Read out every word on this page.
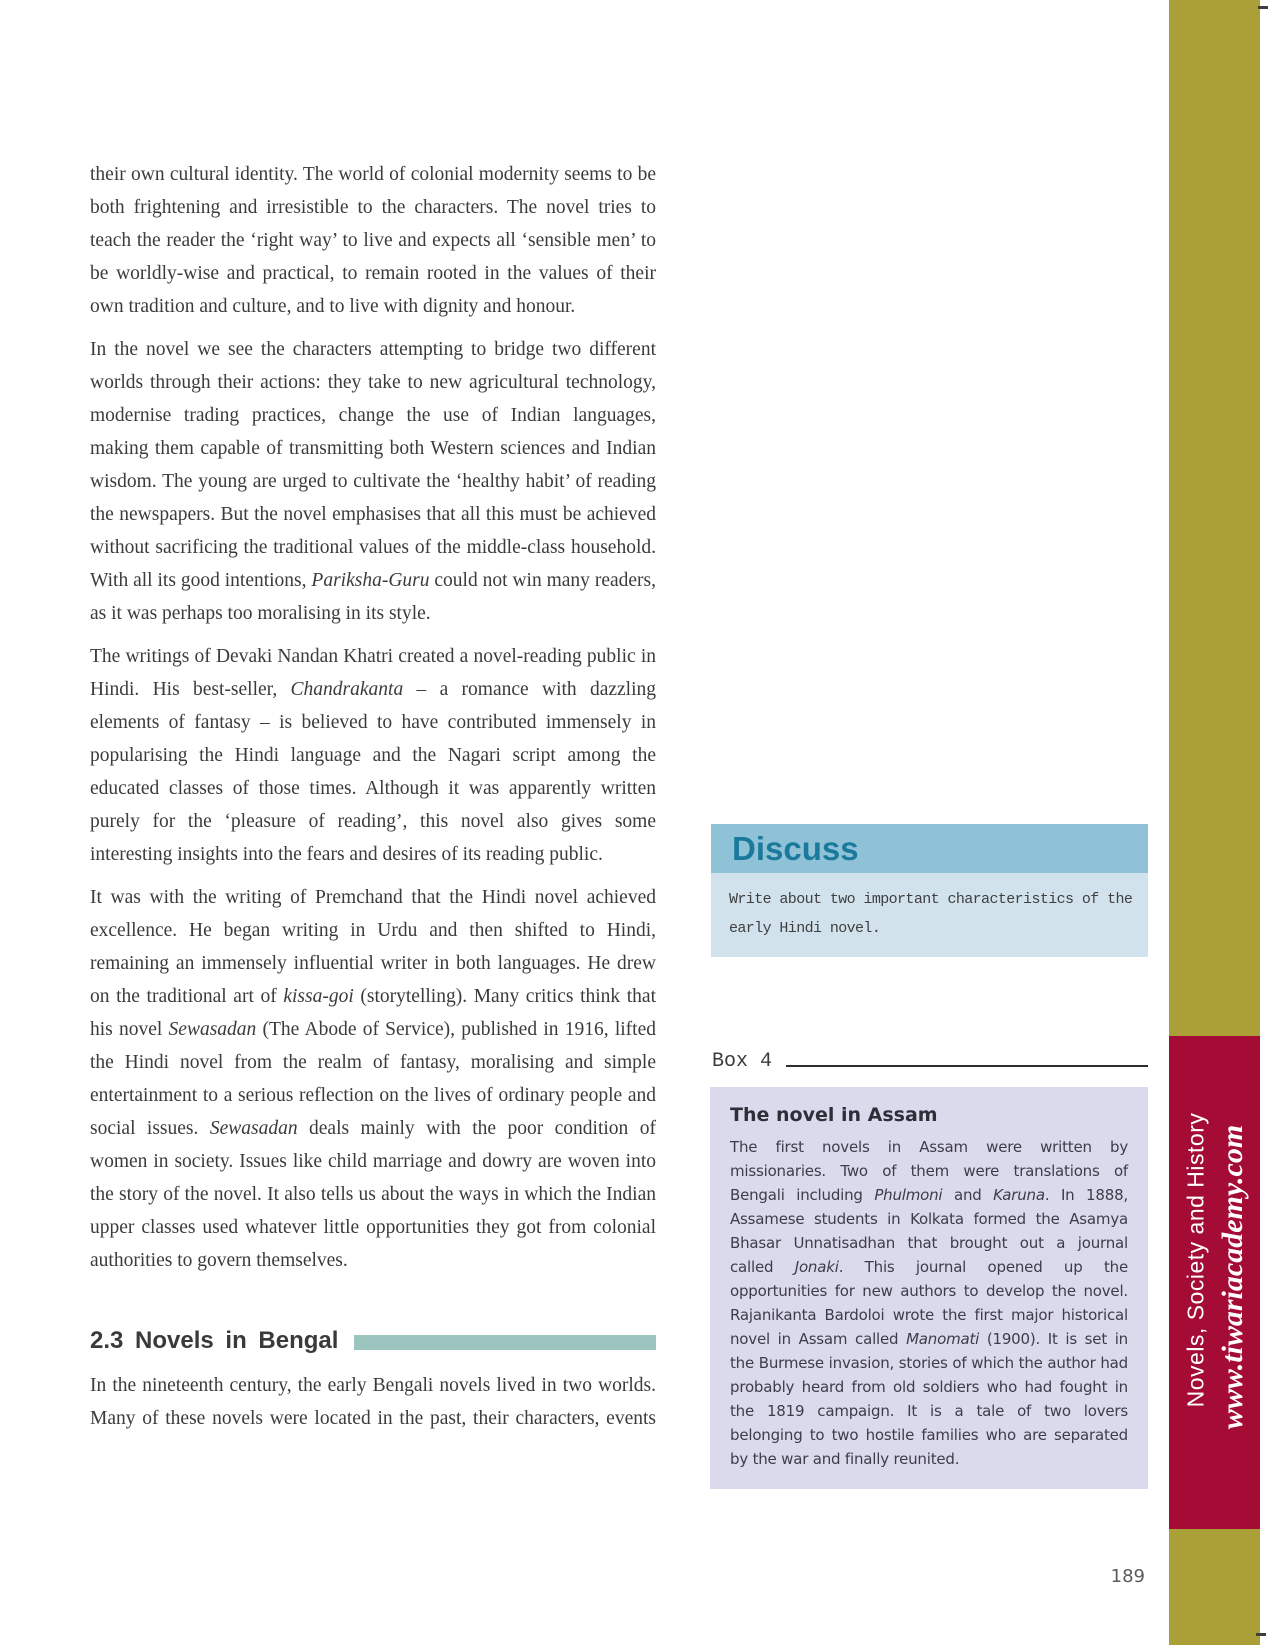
their own cultural identity. The world of colonial modernity seems to be both frightening and irresistible to the characters. The novel tries to teach the reader the ‘right way’ to live and expects all ‘sensible men’ to be worldly-wise and practical, to remain rooted in the values of their own tradition and culture, and to live with dignity and honour.

In the novel we see the characters attempting to bridge two different worlds through their actions: they take to new agricultural technology, modernise trading practices, change the use of Indian languages, making them capable of transmitting both Western sciences and Indian wisdom. The young are urged to cultivate the ‘healthy habit’ of reading the newspapers. But the novel emphasises that all this must be achieved without sacrificing the traditional values of the middle-class household. With all its good intentions, Pariksha-Guru could not win many readers, as it was perhaps too moralising in its style.

The writings of Devaki Nandan Khatri created a novel-reading public in Hindi. His best-seller, Chandrakanta – a romance with dazzling elements of fantasy – is believed to have contributed immensely in popularising the Hindi language and the Nagari script among the educated classes of those times. Although it was apparently written purely for the ‘pleasure of reading’, this novel also gives some interesting insights into the fears and desires of its reading public.

It was with the writing of Premchand that the Hindi novel achieved excellence. He began writing in Urdu and then shifted to Hindi, remaining an immensely influential writer in both languages. He drew on the traditional art of kissa-goi (storytelling). Many critics think that his novel Sewasadan (The Abode of Service), published in 1916, lifted the Hindi novel from the realm of fantasy, moralising and simple entertainment to a serious reflection on the lives of ordinary people and social issues. Sewasadan deals mainly with the poor condition of women in society. Issues like child marriage and dowry are woven into the story of the novel. It also tells us about the ways in which the Indian upper classes used whatever little opportunities they got from colonial authorities to govern themselves.

2.3 Novels in Bengal

In the nineteenth century, the early Bengali novels lived in two worlds. Many of these novels were located in the past, their characters, events

Discuss
Write about two important characteristics of the early Hindi novel.
Box 4
The novel in Assam
The first novels in Assam were written by missionaries. Two of them were translations of Bengali including Phulmoni and Karuna. In 1888, Assamese students in Kolkata formed the Asamya Bhasar Unnatisadhan that brought out a journal called Jonaki. This journal opened up the opportunities for new authors to develop the novel. Rajanikanta Bardoloi wrote the first major historical novel in Assam called Manomati (1900). It is set in the Burmese invasion, stories of which the author had probably heard from old soldiers who had fought in the 1819 campaign. It is a tale of two lovers belonging to two hostile families who are separated by the war and finally reunited.
Novels, Society and History www.tiwariacademy.com
189
